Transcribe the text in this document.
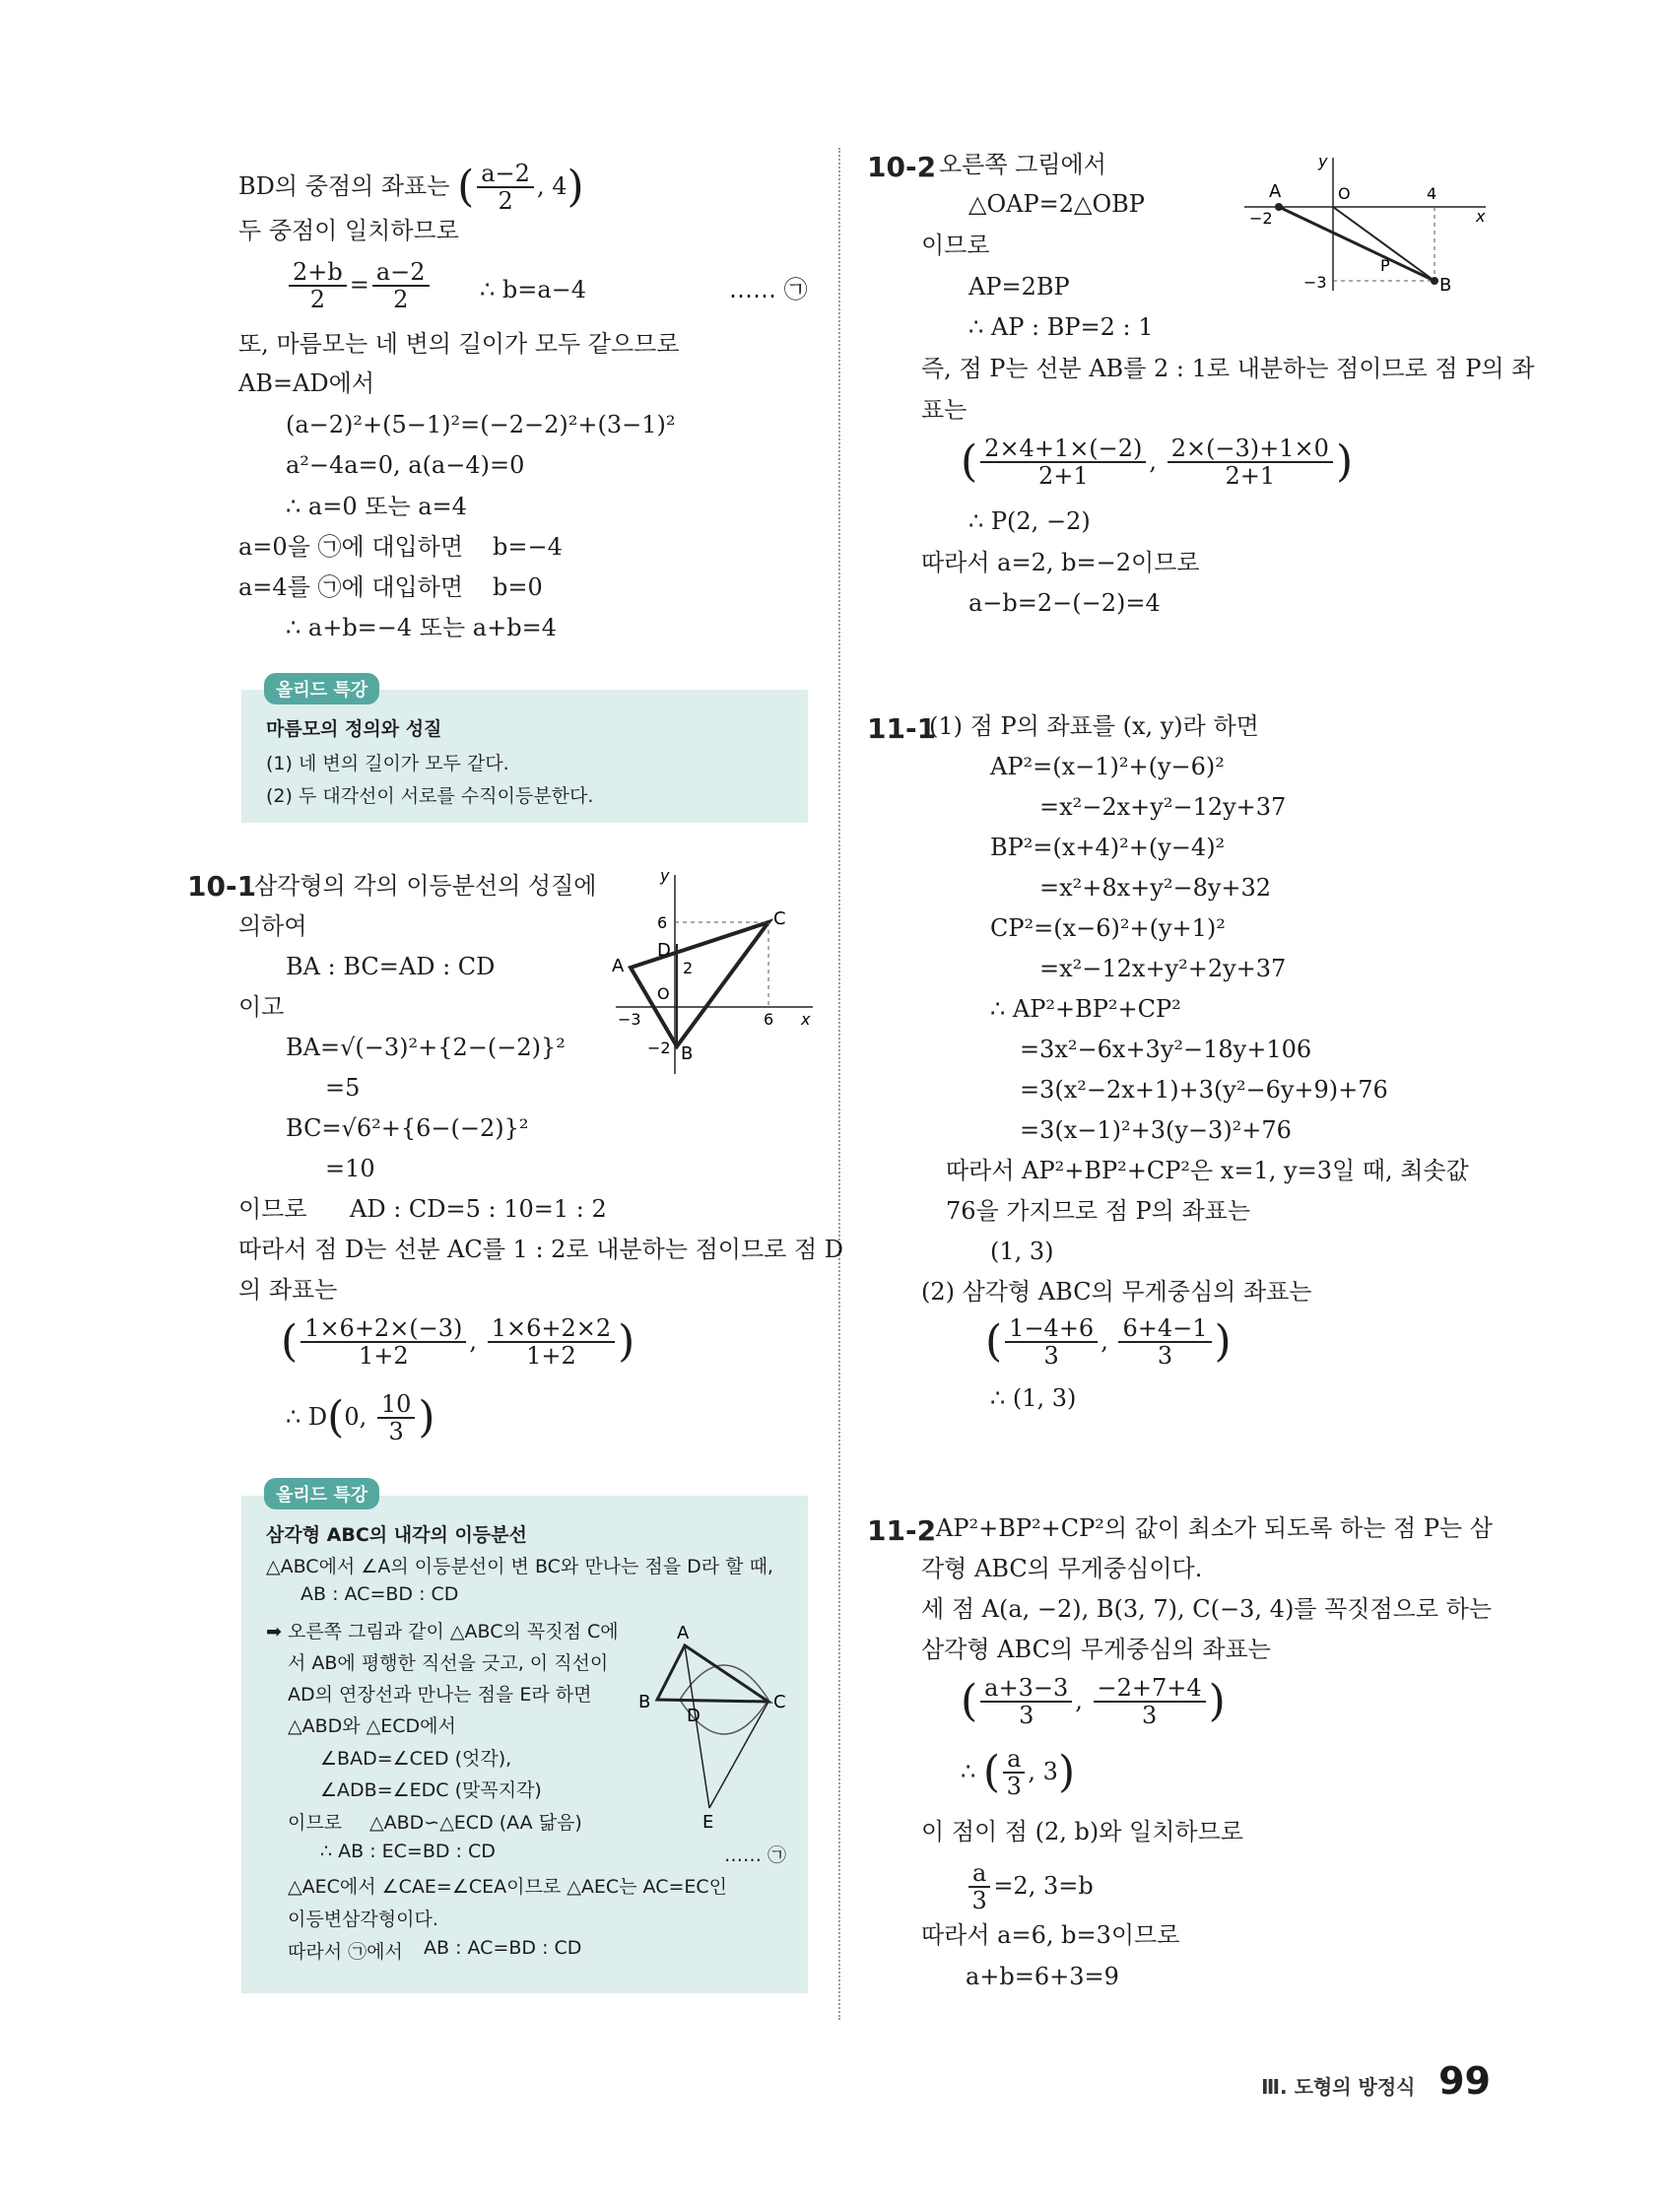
BD의 중점의 좌표는 ( $\frac{a-2}{2}$ , 4)
두 중점이 일치하므로
$\frac{2+b}{2} = \frac{a-2}{2}$ ∴ b=a−4	…… ㉠
또, 마름모는 네 변의 길이가 모두 같으므로
AB=AD에서
(a−2)²+(5−1)²=(−2−2)²+(3−1)²
a²−4a=0, a(a−4)=0
∴ a=0 또는 a=4
a=0을 ㉠에 대입하면 b=−4
a=4를 ㉠에 대입하면 b=0
∴ a+b=−4 또는 a+b=4
올리드 특강
마름모의 정의와 성질
(1) 네 변의 길이가 모두 같다.
(2) 두 대각선이 서로를 수직이등분한다.
10-1
삼각형의 각의 이등분선의 성질에
의하여
BA : BC=AD : CD
이고
BA=√(−3)²+{2−(−2)}²
=5
BC=√6²+{6−(−2)}²
=10
이므로 AD : CD=5 : 10=1 : 2
따라서 점 D는 선분 AC를 1 : 2로 내분하는 점이므로 점 D
의 좌표는
( $\frac{1\times 6+2\times(-3)}{1+2}$ , $\frac{1\times 6+2\times 2}{1+2}$ )
∴ D(0, $\frac{10}{3}$ )
y
6	C
D
A	2
O
−3	6 x
−2 B
올리드 특강
삼각형 ABC의 내각의 이등분선
△ABC에서 ∠A의 이등분선이 변 BC와 만나는 점을 D라 할 때,
AB : AC=BD : CD
➡ 오른쪽 그림과 같이 △ABC의 꼭짓점 C에
서 AB에 평행한 직선을 긋고, 이 직선이
AD의 연장선과 만나는 점을 E라 하면
△ABD와 △ECD에서
∠BAD=∠CED (엇각),
∠ADB=∠EDC (맞꼭지각)
이므로 △ABD∽△ECD (AA 닮음)
∴ AB : EC=BD : CD	…… ㉠
△AEC에서 ∠CAE=∠CEA이므로 △AEC는 AC=EC인
이등변삼각형이다.
따라서 ㉠에서 AB : AC=BD : CD
A
B
D
C
E
10-2 오른쪽 그림에서
△OAP=2△OBP
이므로
AP=2BP
∴ AP : BP=2 : 1
즉, 점 P는 선분 AB를 2 : 1로 내분하는 점이므로 점 P의 좌
표는
( $\frac{2\times 4+1\times(-2)}{2+1}$ , $\frac{2\times(-3)+1\times 0}{2+1}$ )
∴ P(2, −2)
따라서 a=2, b=−2이므로
a−b=2−(−2)=4
y
A	O	4
x
−2
−3
P
B
11-1
(1) 점 P의 좌표를 (x, y)라 하면
AP²=(x−1)²+(y−6)²
=x²−2x+y²−12y+37
BP²=(x+4)²+(y−4)²
=x²+8x+y²−8y+32
CP²=(x−6)²+(y+1)²
=x²−12x+y²+2y+37
∴ AP²+BP²+CP²
=3x²−6x+3y²−18y+106
=3(x²−2x+1)+3(y²−6y+9)+76
=3(x−1)²+3(y−3)²+76
따라서 AP²+BP²+CP²은 x=1, y=3일 때, 최솟값
76을 가지므로 점 P의 좌표는
(1, 3)
(2) 삼각형 ABC의 무게중심의 좌표는
( $\frac{1-4+6}{3}$ , $\frac{6+4-1}{3}$ )
∴ (1, 3)
11-2 AP²+BP²+CP²의 값이 최소가 되도록 하는 점 P는 삼
각형 ABC의 무게중심이다.
세 점 A(a, −2), B(3, 7), C(−3, 4)를 꼭짓점으로 하는
삼각형 ABC의 무게중심의 좌표는
( $\frac{a+3-3}{3}$ , $\frac{-2+7+4}{3}$ )
∴ ( $\frac{a}{3}$ , 3)
이 점이 점 (2, b)와 일치하므로
$\frac{a}{3} =2$, 3=b
따라서 a=6, b=3이므로
a+b=6+3=9
Ⅲ. 도형의 방정식 99
